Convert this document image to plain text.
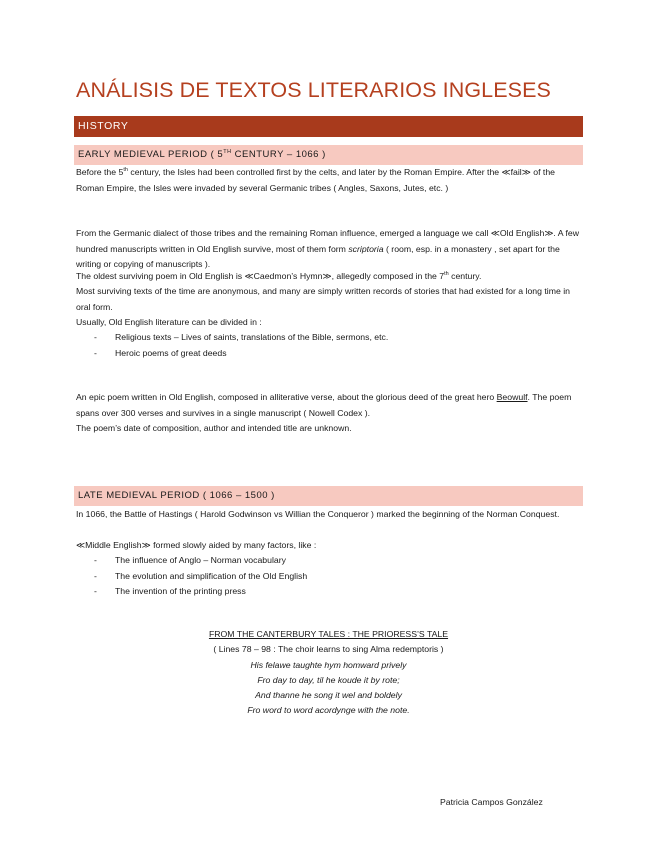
ANÁLISIS DE TEXTOS LITERARIOS INGLESES
HISTORY
EARLY MEDIEVAL PERIOD ( 5TH CENTURY – 1066 )

Before the 5th century, the Isles had been controlled first by the celts, and later by the Roman Empire. After the ≪fail≫ of the Roman Empire, the Isles were invaded by several Germanic tribes ( Angles, Saxons, Jutes, etc. )

From the Germanic dialect of those tribes and the remaining Roman influence, emerged a language we call ≪Old English≫. A few hundred manuscripts written in Old English survive, most of them form scriptoria ( room, esp. in a monastery , set apart for the writing or copying of manuscripts ).

The oldest surviving poem in Old English is ≪Caedmon’s Hymn≫, allegedly composed in the 7th century.

Most surviving texts of the time are anonymous, and many are simply written records of stories that had existed for a long time in oral form.

Usually, Old English literature can be divided in :

- Religious texts – Lives of saints, translations of the Bible, sermons, etc.
- Heroic poems of great deeds

An epic poem written in Old English, composed in alliterative verse, about the glorious deed of the great hero Beowulf. The poem spans over 300 verses and survives in a single manuscript ( Nowell Codex ).

The poem’s date of composition, author and intended title are unknown.

LATE MEDIEVAL PERIOD ( 1066 – 1500 )

In 1066, the Battle of Hastings ( Harold Godwinson vs Willian the Conqueror ) marked the beginning of the Norman Conquest.

≪Middle English≫ formed slowly aided by many factors, like :

- The influence of Anglo – Norman vocabulary
- The evolution and simplification of the Old English
- The invention of the printing press
FROM THE CANTERBURY TALES : THE PRIORESS’S TALE
( Lines 78 – 98 : The choir learns to sing Alma redemptoris )
His felawe taughte hym homward prively
Fro day to day, til he koude it by rote;
And thanne he song it wel and boldely
Fro word to word acordynge with the note.
Patricia Campos González
